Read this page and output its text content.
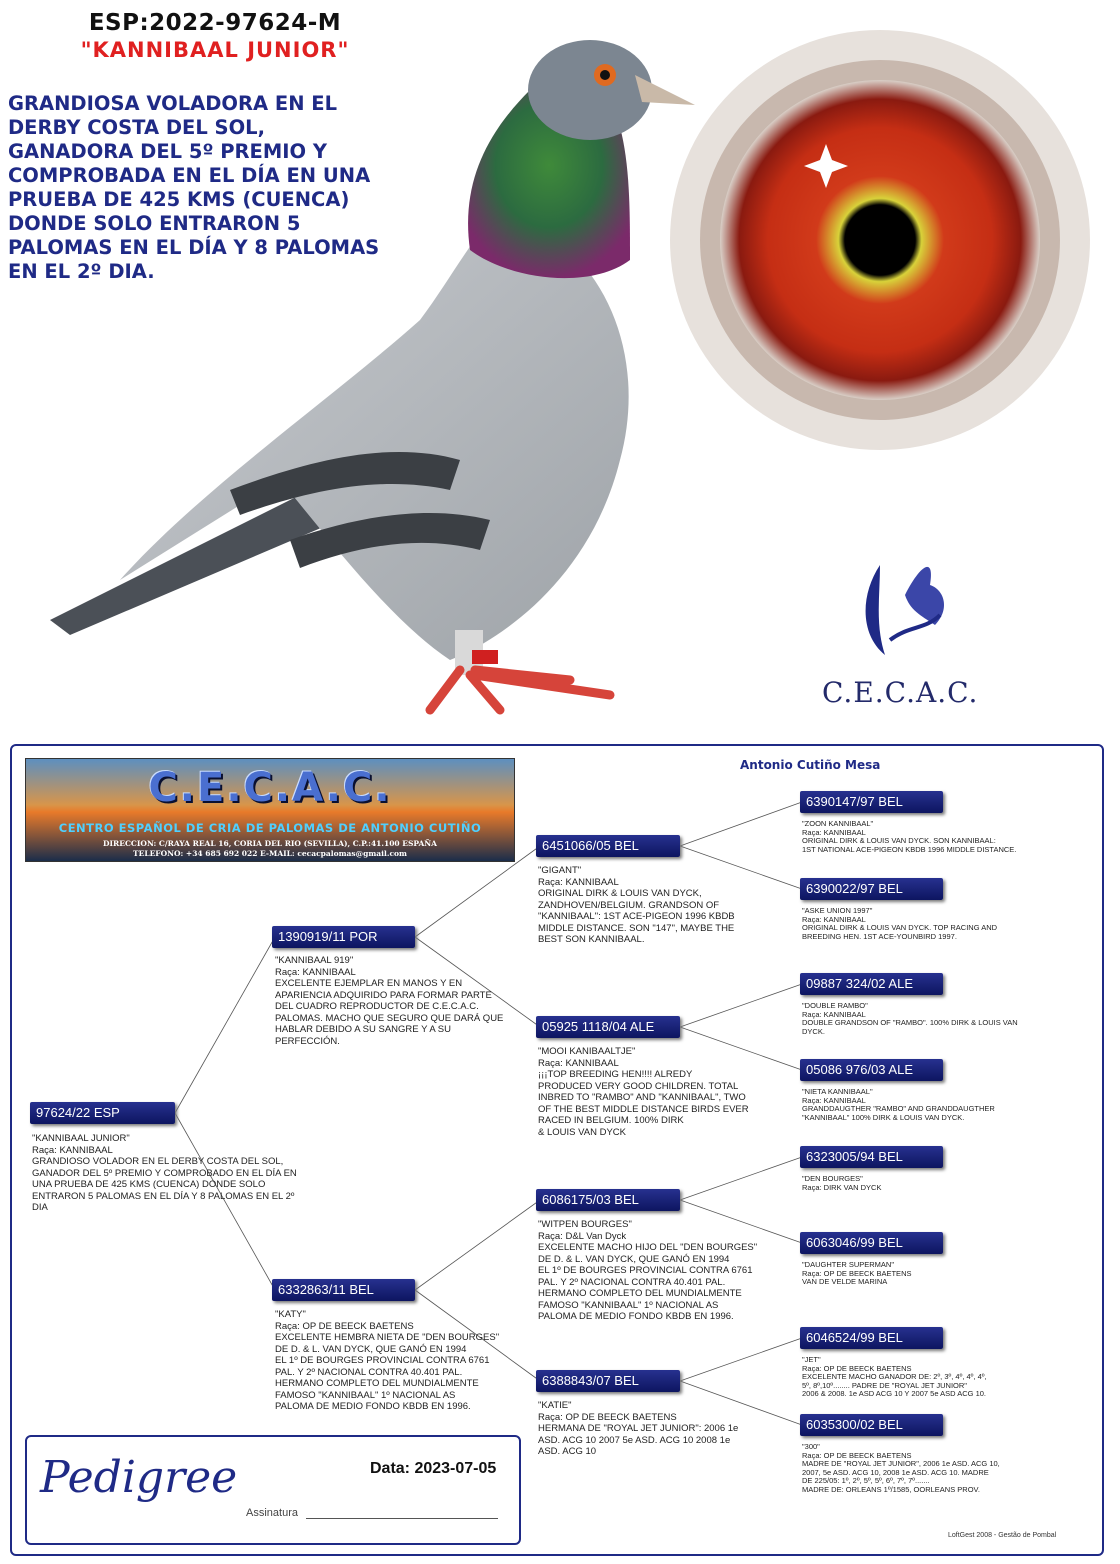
ESP:2022-97624-M
"KANNIBAAL JUNIOR"
GRANDIOSA VOLADORA EN EL
DERBY COSTA DEL SOL,
GANADORA DEL 5º PREMIO Y
COMPROBADA EN EL DÍA EN UNA
PRUEBA DE 425 KMS (CUENCA)
DONDE SOLO ENTRARON 5
PALOMAS EN EL DÍA Y 8 PALOMAS
EN EL 2º DIA.
C.E.C.A.C.
Antonio Cutiño Mesa
C.E.C.A.C.
CENTRO ESPAÑOL DE CRIA DE PALOMAS DE ANTONIO CUTIÑO
DIRECCION: C/RAYA REAL 16, CORIA DEL RIO (SEVILLA), C.P.:41.100 ESPAÑA
TELEFONO: +34 685 692 022 E-MAIL: cecacpalomas@gmail.com
97624/22 ESP
"KANNIBAAL JUNIOR"
Raça: KANNIBAAL
GRANDIOSO VOLADOR EN EL DERBY COSTA DEL SOL,
GANADOR DEL 5º PREMIO Y COMPROBADO EN EL DÍA EN
UNA PRUEBA DE 425 KMS (CUENCA) DONDE SOLO
ENTRARON 5 PALOMAS EN EL DÍA Y 8 PALOMAS EN EL 2º
DIA
1390919/11 POR
"KANNIBAAL 919"
Raça: KANNIBAAL
EXCELENTE EJEMPLAR EN MANOS Y EN
APARIENCIA ADQUIRIDO PARA FORMAR PARTE
DEL CUADRO REPRODUCTOR DE C.E.C.A.C.
PALOMAS. MACHO QUE SEGURO QUE DARÁ QUE
HABLAR DEBIDO A SU SANGRE Y A SU
PERFECCIÓN.
6332863/11 BEL
"KATY"
Raça: OP DE BEECK BAETENS
EXCELENTE HEMBRA NIETA DE "DEN BOURGES"
DE D. & L. VAN DYCK, QUE GANÓ EN 1994
EL 1º DE BOURGES PROVINCIAL CONTRA 6761
PAL. Y 2º NACIONAL CONTRA 40.401 PAL.
HERMANO COMPLETO DEL MUNDIALMENTE
FAMOSO "KANNIBAAL" 1º NACIONAL AS
PALOMA DE MEDIO FONDO KBDB EN 1996.
6451066/05 BEL
"GIGANT"
Raça: KANNIBAAL
ORIGINAL DIRK & LOUIS VAN DYCK,
ZANDHOVEN/BELGIUM. GRANDSON OF
"KANNIBAAL": 1ST ACE-PIGEON 1996 KBDB
MIDDLE DISTANCE. SON "147", MAYBE THE
BEST SON KANNIBAAL.
05925 1118/04 ALE
"MOOI KANIBAALTJE"
Raça: KANNIBAAL
¡¡¡TOP BREEDING HEN!!!! ALREDY
PRODUCED VERY GOOD CHILDREN. TOTAL
INBRED TO "RAMBO" AND "KANNIBAAL", TWO
OF THE BEST MIDDLE DISTANCE BIRDS EVER
RACED IN BELGIUM. 100% DIRK
& LOUIS VAN DYCK
6086175/03 BEL
"WITPEN BOURGES"
Raça: D&L Van Dyck
EXCELENTE MACHO HIJO DEL "DEN BOURGES"
DE D. & L. VAN DYCK, QUE GANÓ EN 1994
EL 1º DE BOURGES PROVINCIAL CONTRA 6761
PAL. Y 2º NACIONAL CONTRA 40.401 PAL.
HERMANO COMPLETO DEL MUNDIALMENTE
FAMOSO "KANNIBAAL" 1º NACIONAL AS
PALOMA DE MEDIO FONDO KBDB EN 1996.
6388843/07 BEL
"KATIE"
Raça: OP DE BEECK BAETENS
HERMANA DE "ROYAL JET JUNIOR": 2006 1e
ASD. ACG 10 2007 5e ASD. ACG 10 2008 1e
ASD. ACG 10
6390147/97 BEL
"ZOON KANNIBAAL"
Raça: KANNIBAAL
ORIGINAL DIRK & LOUIS VAN DYCK. SON KANNIBAAL:
1ST NATIONAL ACE-PIGEON KBDB 1996 MIDDLE DISTANCE.
6390022/97 BEL
"ASKE UNION 1997"
Raça: KANNIBAAL
ORIGINAL DIRK & LOUIS VAN DYCK. TOP RACING AND
BREEDING HEN. 1ST ACE-YOUNBIRD 1997.
09887 324/02 ALE
"DOUBLE RAMBO"
Raça: KANNIBAAL
DOUBLE GRANDSON OF "RAMBO". 100% DIRK & LOUIS VAN
DYCK.
05086 976/03 ALE
"NIETA KANNIBAAL"
Raça: KANNIBAAL
GRANDDAUGTHER "RAMBO" AND GRANDDAUGTHER
"KANNIBAAL" 100% DIRK & LOUIS VAN DYCK.
6323005/94 BEL
"DEN BOURGES"
Raça: DIRK VAN DYCK
6063046/99 BEL
"DAUGHTER SUPERMAN"
Raça: OP DE BEECK BAETENS
VAN DE VELDE MARINA
6046524/99 BEL
"JET"
Raça: OP DE BEECK BAETENS
EXCELENTE MACHO GANADOR DE: 2º, 3º, 4º, 4º, 4º,
5º, 8º,10º........ PADRE DE "ROYAL JET JUNIOR"
2006 & 2008. 1e ASD ACG 10 Y 2007 5e ASD ACG 10.
6035300/02 BEL
"300"
Raça: OP DE BEECK BAETENS
MADRE DE "ROYAL JET JUNIOR", 2006 1e ASD. ACG 10,
2007, 5e ASD. ACG 10, 2008 1e ASD. ACG 10. MADRE
DE 225/05: 1º, 2º, 5º, 5º, 6º, 7º, 7º.......
MADRE DE: ORLEANS 1º/1585, OORLEANS PROV.
Pedigree	Data: 2023-07-05
Assinatura
LoftGest 2008 - Gestão de Pombal
